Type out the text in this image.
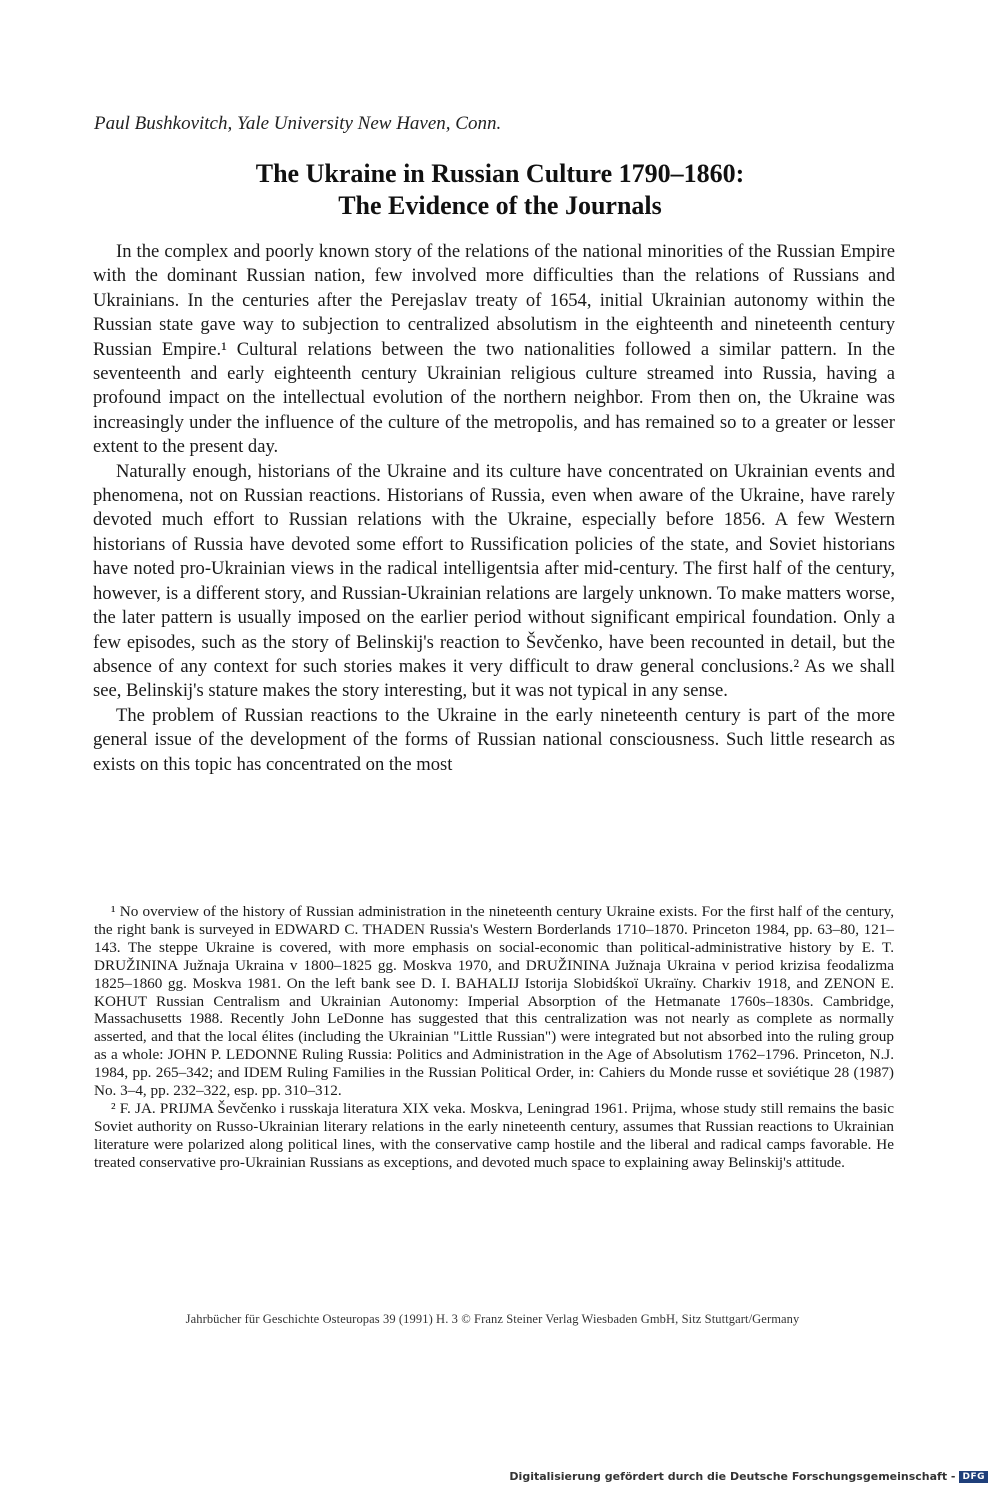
Paul Bushkovitch, Yale University New Haven, Conn.
The Ukraine in Russian Culture 1790–1860:
The Evidence of the Journals

In the complex and poorly known story of the relations of the national minorities of the Russian Empire with the dominant Russian nation, few involved more difficulties than the relations of Russians and Ukrainians. In the centuries after the Perejaslav treaty of 1654, initial Ukrainian autonomy within the Russian state gave way to subjection to centralized absolutism in the eighteenth and nineteenth century Russian Empire.¹ Cultural relations between the two nationalities followed a similar pattern. In the seventeenth and early eighteenth century Ukrainian religious culture streamed into Russia, having a profound impact on the intellectual evolution of the northern neighbor. From then on, the Ukraine was increasingly under the influence of the culture of the metropolis, and has remained so to a greater or lesser extent to the present day.

Naturally enough, historians of the Ukraine and its culture have concentrated on Ukrainian events and phenomena, not on Russian reactions. Historians of Russia, even when aware of the Ukraine, have rarely devoted much effort to Russian relations with the Ukraine, especially before 1856. A few Western historians of Russia have devoted some effort to Russification policies of the state, and Soviet historians have noted pro-Ukrainian views in the radical intelligentsia after mid-century. The first half of the century, however, is a different story, and Russian-Ukrainian relations are largely unknown. To make matters worse, the later pattern is usually imposed on the earlier period without significant empirical foundation. Only a few episodes, such as the story of Belinskij's reaction to Ševčenko, have been recounted in detail, but the absence of any context for such stories makes it very difficult to draw general conclusions.² As we shall see, Belinskij's stature makes the story interesting, but it was not typical in any sense.

The problem of Russian reactions to the Ukraine in the early nineteenth century is part of the more general issue of the development of the forms of Russian national consciousness. Such little research as exists on this topic has concentrated on the most

¹ No overview of the history of Russian administration in the nineteenth century Ukraine exists. For the first half of the century, the right bank is surveyed in EDWARD C. THADEN Russia's Western Borderlands 1710–1870. Princeton 1984, pp. 63–80, 121–143. The steppe Ukraine is covered, with more emphasis on social-economic than political-administrative history by E. T. DRUŽININA Južnaja Ukraina v 1800–1825 gg. Moskva 1970, and DRUŽININA Južnaja Ukraina v period krizisa feodalizma 1825–1860 gg. Moskva 1981. On the left bank see D. I. BAHALIJ Istorija Slobidśkoï Ukraïny. Charkiv 1918, and ZENON E. KOHUT Russian Centralism and Ukrainian Autonomy: Imperial Absorption of the Hetmanate 1760s–1830s. Cambridge, Massachusetts 1988. Recently John LeDonne has suggested that this centralization was not nearly as complete as normally asserted, and that the local élites (including the Ukrainian "Little Russian") were integrated but not absorbed into the ruling group as a whole: JOHN P. LEDONNE Ruling Russia: Politics and Administration in the Age of Absolutism 1762–1796. Princeton, N.J. 1984, pp. 265–342; and IDEM Ruling Families in the Russian Political Order, in: Cahiers du Monde russe et soviétique 28 (1987) No. 3–4, pp. 232–322, esp. pp. 310–312.

² F. JA. PRIJMA Ševčenko i russkaja literatura XIX veka. Moskva, Leningrad 1961. Prijma, whose study still remains the basic Soviet authority on Russo-Ukrainian literary relations in the early nineteenth century, assumes that Russian reactions to Ukrainian literature were polarized along political lines, with the conservative camp hostile and the liberal and radical camps favorable. He treated conservative pro-Ukrainian Russians as exceptions, and devoted much space to explaining away Belinskij's attitude.

Jahrbücher für Geschichte Osteuropas 39 (1991) H. 3 © Franz Steiner Verlag Wiesbaden GmbH, Sitz Stuttgart/Germany
Digitalisierung gefördert durch die Deutsche Forschungsgemeinschaft - DFG
